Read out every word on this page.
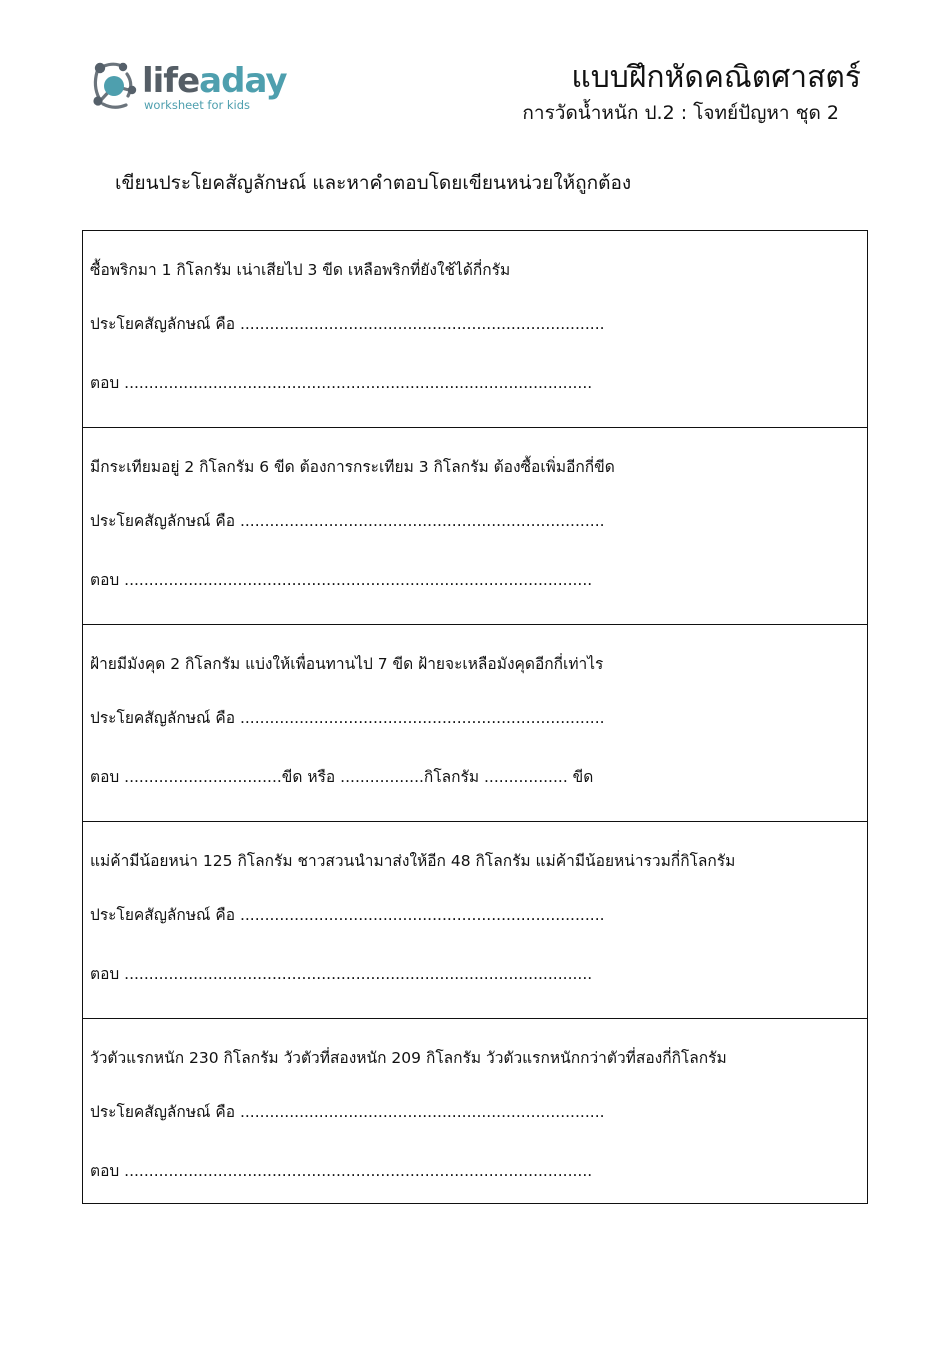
lifeaday
worksheet for kids
แบบฝึกหัดคณิตศาสตร์
การวัดน้ำหนัก ป.2 : โจทย์ปัญหา ชุด 2
เขียนประโยคสัญลักษณ์ และหาคำตอบโดยเขียนหน่วยให้ถูกต้อง
ซื้อพริกมา 1 กิโลกรัม เน่าเสียไป 3 ขีด เหลือพริกที่ยังใช้ได้กี่กรัม
ประโยคสัญลักษณ์ คือ ..........................................................................
ตอบ ...............................................................................................
มีกระเทียมอยู่ 2 กิโลกรัม 6 ขีด ต้องการกระเทียม 3 กิโลกรัม ต้องซื้อเพิ่มอีกกี่ขีด
ประโยคสัญลักษณ์ คือ ..........................................................................
ตอบ ...............................................................................................
ฝ้ายมีมังคุด 2 กิโลกรัม แบ่งให้เพื่อนทานไป 7 ขีด ฝ้ายจะเหลือมังคุดอีกกี่เท่าไร
ประโยคสัญลักษณ์ คือ ..........................................................................
ตอบ ................................ขีด หรือ .................กิโลกรัม ................. ขีด
แม่ค้ามีน้อยหน่า 125 กิโลกรัม ชาวสวนนำมาส่งให้อีก 48 กิโลกรัม แม่ค้ามีน้อยหน่ารวมกี่กิโลกรัม
ประโยคสัญลักษณ์ คือ ..........................................................................
ตอบ ...............................................................................................
วัวตัวแรกหนัก 230 กิโลกรัม วัวตัวที่สองหนัก 209 กิโลกรัม วัวตัวแรกหนักกว่าตัวที่สองกี่กิโลกรัม
ประโยคสัญลักษณ์ คือ ..........................................................................
ตอบ ...............................................................................................
